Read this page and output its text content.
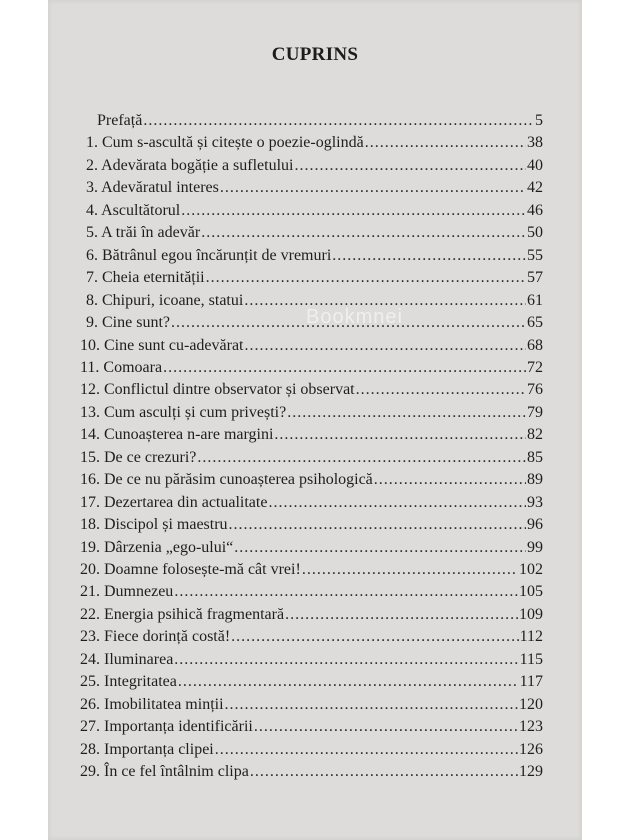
CUPRINS
Bookmnei
Prefață .....	5
1. Cum s-ascultă și citește o poezie-oglindă .....	38
2. Adevărata bogăție a sufletului .....	40
3. Adevăratul interes .....	42
4. Ascultătorul .....	46
5. A trăi în adevăr .....	50
6. Bătrânul egou încărunțit de vremuri .....	55
7. Cheia eternității .....	57
8. Chipuri, icoane, statui .....	61
9. Cine sunt? .....	65
10. Cine sunt cu-adevărat .....	68
11. Comoara .....	72
12. Conflictul dintre observator și observat .....	76
13. Cum asculți și cum privești? .....	79
14. Cunoașterea n-are margini .....	82
15. De ce crezuri? .....	85
16. De ce nu părăsim cunoașterea psihologică .....	89
17. Dezertarea din actualitate .....	93
18. Discipol și maestru .....	96
19. Dârzenia „ego-ului“ .....	99
20. Doamne folosește-mă cât vrei! .....	102
21. Dumnezeu .....	105
22. Energia psihică fragmentară .....	109
23. Fiece dorință costă! .....	112
24. Iluminarea .....	115
25. Integritatea .....	117
26. Imobilitatea minții .....	120
27. Importanța identificării .....	123
28. Importanța clipei .....	126
29. În ce fel întâlnim clipa .....	129
